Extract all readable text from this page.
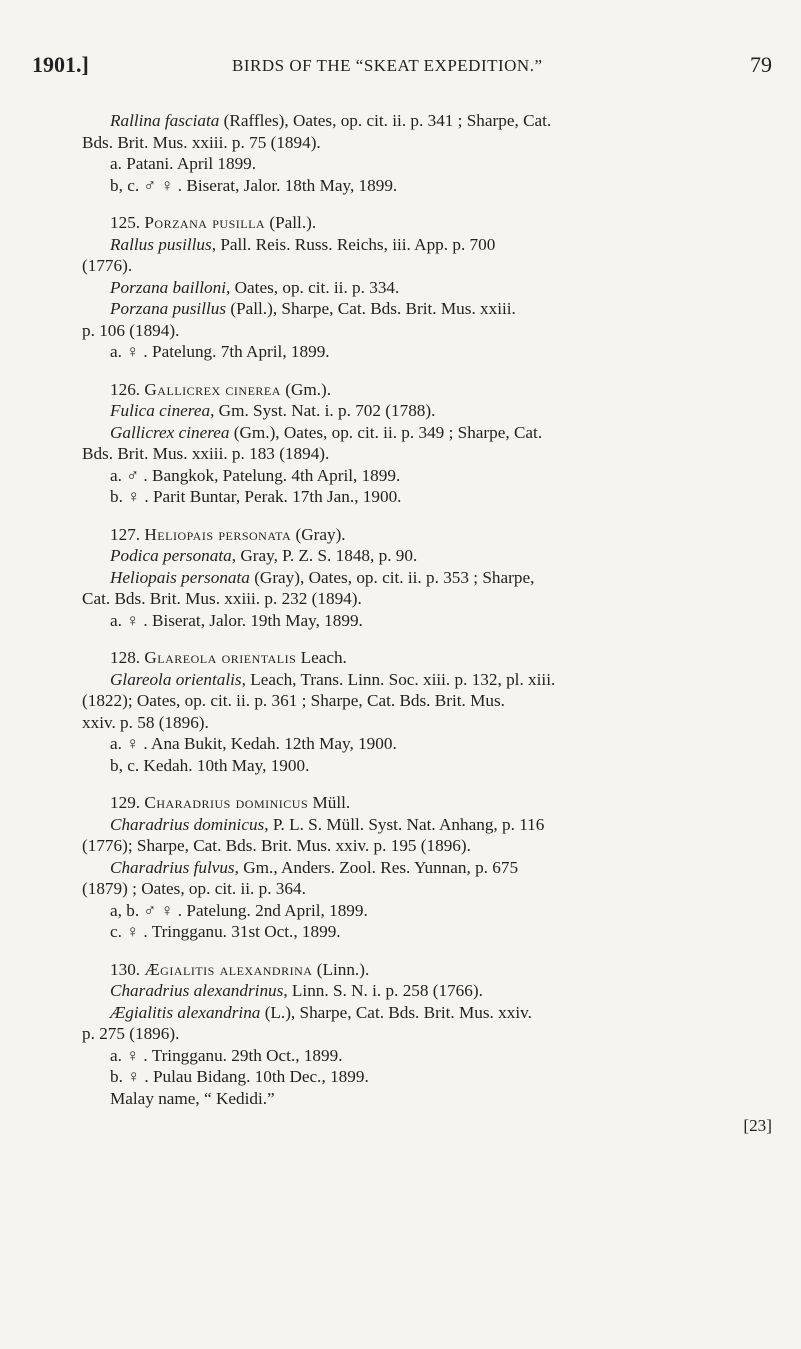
1901.]	BIRDS OF THE “SKEAT EXPEDITION.”	79
Rallina fasciata (Raffles), Oates, op. cit. ii. p. 341 ; Sharpe, Cat.
Bds. Brit. Mus. xxiii. p. 75 (1894).
a. Patani. April 1899.
b, c. ♂ ♀ . Biserat, Jalor. 18th May, 1899.
125. Porzana pusilla (Pall.).
Rallus pusillus, Pall. Reis. Russ. Reichs, iii. App. p. 700
(1776).
Porzana bailloni, Oates, op. cit. ii. p. 334.
Porzana pusillus (Pall.), Sharpe, Cat. Bds. Brit. Mus. xxiii.
p. 106 (1894).
a. ♀ . Patelung. 7th April, 1899.
126. Gallicrex cinerea (Gm.).
Fulica cinerea, Gm. Syst. Nat. i. p. 702 (1788).
Gallicrex cinerea (Gm.), Oates, op. cit. ii. p. 349 ; Sharpe, Cat.
Bds. Brit. Mus. xxiii. p. 183 (1894).
a. ♂ . Bangkok, Patelung. 4th April, 1899.
b. ♀ . Parit Buntar, Perak. 17th Jan., 1900.
127. Heliopais personata (Gray).
Podica personata, Gray, P. Z. S. 1848, p. 90.
Heliopais personata (Gray), Oates, op. cit. ii. p. 353 ; Sharpe,
Cat. Bds. Brit. Mus. xxiii. p. 232 (1894).
a. ♀ . Biserat, Jalor. 19th May, 1899.
128. Glareola orientalis Leach.
Glareola orientalis, Leach, Trans. Linn. Soc. xiii. p. 132, pl. xiii.
(1822); Oates, op. cit. ii. p. 361 ; Sharpe, Cat. Bds. Brit. Mus.
xxiv. p. 58 (1896).
a. ♀ . Ana Bukit, Kedah. 12th May, 1900.
b, c. Kedah. 10th May, 1900.
129. Charadrius dominicus Müll.
Charadrius dominicus, P. L. S. Müll. Syst. Nat. Anhang, p. 116
(1776); Sharpe, Cat. Bds. Brit. Mus. xxiv. p. 195 (1896).
Charadrius fulvus, Gm., Anders. Zool. Res. Yunnan, p. 675
(1879) ; Oates, op. cit. ii. p. 364.
a, b. ♂ ♀ . Patelung. 2nd April, 1899.
c. ♀ . Tringganu. 31st Oct., 1899.
130. Ægialitis alexandrina (Linn.).
Charadrius alexandrinus, Linn. S. N. i. p. 258 (1766).
Ægialitis alexandrina (L.), Sharpe, Cat. Bds. Brit. Mus. xxiv.
p. 275 (1896).
a. ♀ . Tringganu. 29th Oct., 1899.
b. ♀ . Pulau Bidang. 10th Dec., 1899.
Malay name, “ Kedidi.”
[23]
